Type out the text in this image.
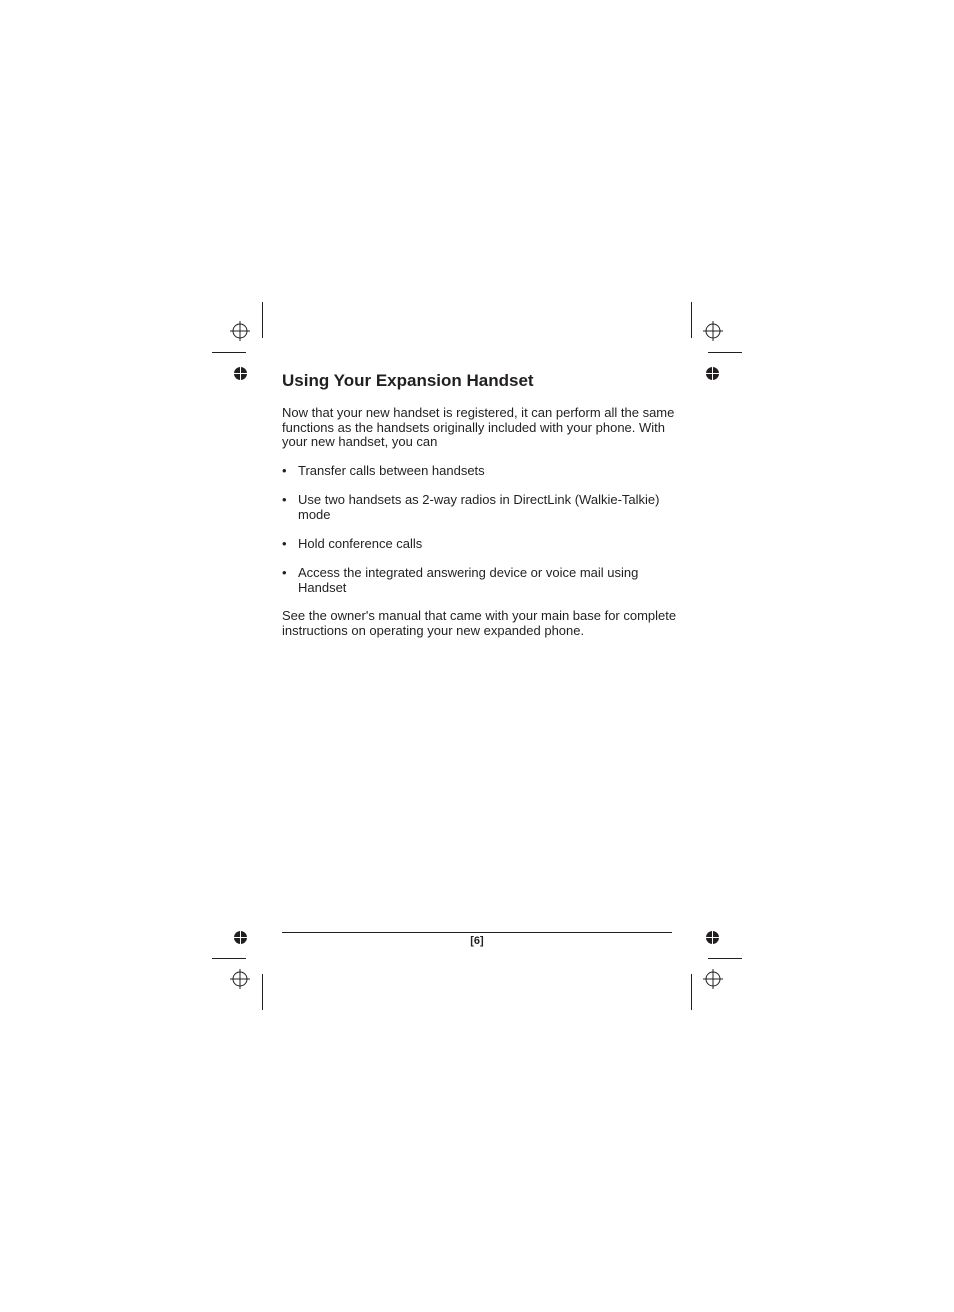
Using Your Expansion Handset

Now that your new handset is registered, it can perform all the same functions as the handsets originally included with your phone. With your new handset, you can

• Transfer calls between handsets
• Use two handsets as 2-way radios in DirectLink (Walkie-Talkie) mode
• Hold conference calls
• Access the integrated answering device or voice mail using Handset

See the owner's manual that came with your main base for complete instructions on operating your new expanded phone.

[6]
